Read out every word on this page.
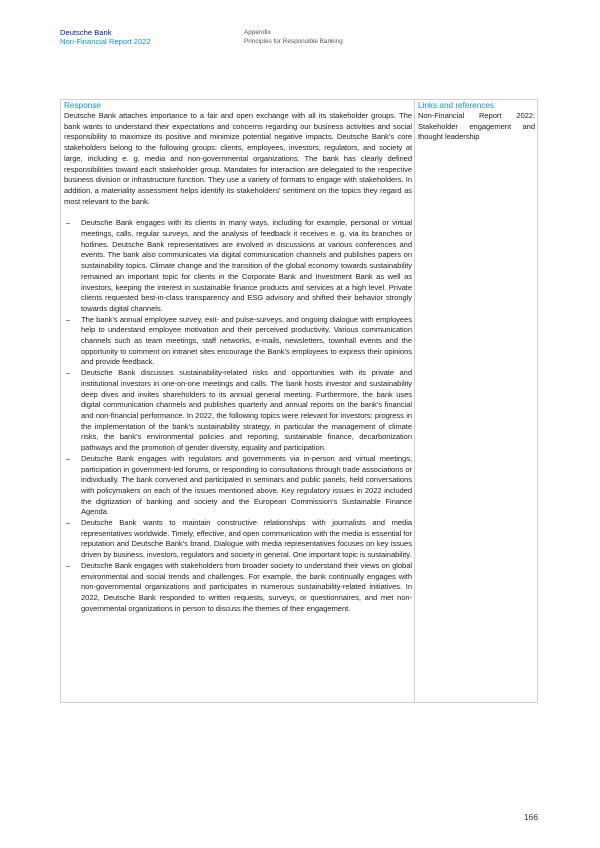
Deutsche Bank
Non-Financial Report 2022
Appendix
Principles for Responsible Banking
Response

Deutsche Bank attaches importance to a fair and open exchange with all its stakeholder groups. The bank wants to understand their expectations and concerns regarding our business activities and social responsibility to maximize its positive and minimize potential negative impacts. Deutsche Bank’s core stakeholders belong to the following groups: clients, employees, investors, regulators, and society at large, including e. g. media and non-governmental organizations. The bank has clearly defined responsibilities toward each stakeholder group. Mandates for interaction are delegated to the respective business division or infrastructure function. They use a variety of formats to engage with stakeholders. In addition, a materiality assessment helps identify its stakeholders’ sentiment on the topics they regard as most relevant to the bank.

– Deutsche Bank engages with its clients in many ways, including for example, personal or virtual meetings, calls, regular surveys, and the analysis of feedback it receives e. g. via its branches or hotlines. Deutsche Bank representatives are involved in discussions at various conferences and events. The bank also communicates via digital communication channels and publishes papers on sustainability topics. Climate change and the transition of the global economy towards sustainability remained an important topic for clients in the Corporate Bank and Investment Bank as well as investors, keeping the interest in sustainable finance products and services at a high level. Private clients requested best-in-class transparency and ESG advisory and shifted their behavior strongly towards digital channels.
– The bank’s annual employee survey, exit- and pulse-surveys, and ongoing dialogue with employees help to understand employee motivation and their perceived productivity. Various communication channels such as team meetings, staff networks, e-mails, newsletters, townhall events and the opportunity to comment on intranet sites encourage the Bank’s employees to express their opinions and provide feedback.
– Deutsche Bank discusses sustainability-related risks and opportunities with its private and institutional investors in one-on-one meetings and calls. The bank hosts investor and sustainability deep dives and invites shareholders to its annual general meeting. Furthermore, the bank uses digital communication channels and publishes quarterly and annual reports on the bank’s financial and non-financial performance. In 2022, the following topics were relevant for investors: progress in the implementation of the bank’s sustainability strategy, in particular the management of climate risks, the bank’s environmental policies and reporting; sustainable finance, decarbonization pathways and the promotion of gender diversity, equality and participation.
– Deutsche Bank engages with regulators and governments via in-person and virtual meetings, participation in government-led forums, or responding to consultations through trade associations or individually. The bank convened and participated in seminars and public panels, held conversations with policymakers on each of the issues mentioned above. Key regulatory issues in 2022 included the digitization of banking and society and the European Commission’s Sustainable Finance Agenda.
– Deutsche Bank wants to maintain constructive relationships with journalists and media representatives worldwide. Timely, effective, and open communication with the media is essential for reputation and Deutsche Bank’s brand. Dialogue with media representatives focuses on key issues driven by business, investors, regulators and society in general. One important topic is sustainability.
– Deutsche Bank engages with stakeholders from broader society to understand their views on global environmental and social trends and challenges. For example, the bank continually engages with non-governmental organizations and participates in numerous sustainability-related initiatives. In 2022, Deutsche Bank responded to written requests, surveys, or questionnaires, and met non-governmental organizations in person to discuss the themes of their engagement.
Links and references

Non-Financial Report 2022: Stakeholder engagement and thought leadership

166
